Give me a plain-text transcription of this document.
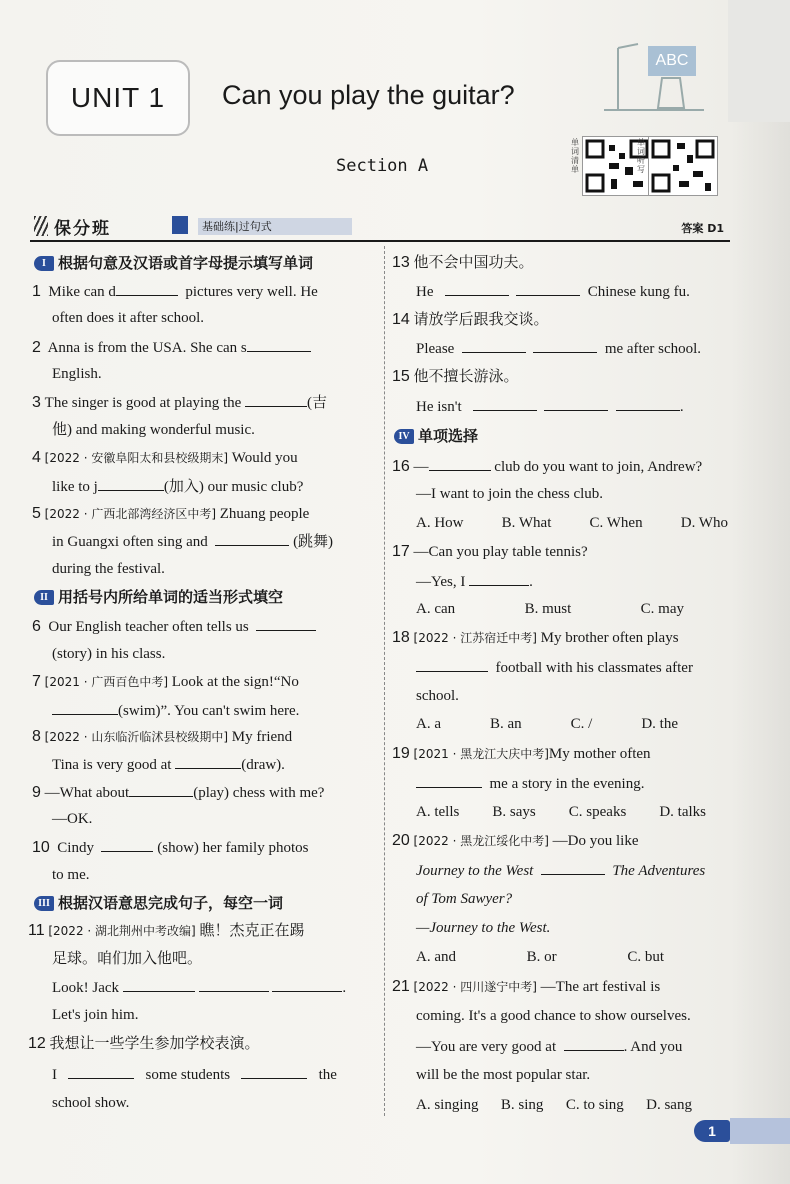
UNIT 1	Can you play the guitar?
Section A
ABC
单词清单
单词听写
保分班	基础练|过句式	答案 D1
I 根据句意及汉语或首字母提示填写单词
1 Mike can d	pictures very well. He
often does it after school.
2 Anna is from the USA. She can s
English.
3 The singer is good at playing the	(吉
他) and making wonderful music.
4 [2022 · 安徽阜阳太和县校级期末] Would you
like to j	(加入) our music club?
5 [2022 · 广西北部湾经济区中考] Zhuang people
in Guangxi often sing and	(跳舞)
during the festival.
II 用括号内所给单词的适当形式填空
6 Our English teacher often tells us
(story) in his class.
7 [2021 · 广西百色中考] Look at the sign!“No
(swim)”. You can't swim here.
8 [2022 · 山东临沂临沭县校级期中] My friend
Tina is very good at	(draw).
9 —What about	(play) chess with me?
—OK.
10 Cindy	(show) her family photos
to me.
III 根据汉语意思完成句子，每空一词
11 [2022 · 湖北荆州中考改编] 瞧！杰克正在踢
足球。咱们加入他吧。
Look! Jack	.
Let's join him.
12 我想让一些学生参加学校表演。
I	some students	the
school show.
13 他不会中国功夫。
He	Chinese kung fu.
14 请放学后跟我交谈。
Please	me after school.
15 他不擅长游泳。
He isn't	.
IV 单项选择
16 —	club do you want to join, Andrew?
—I want to join the chess club.
A. How	B. What	C. When	D. Who
17 —Can you play table tennis?
—Yes, I	.
A. can	B. must	C. may
18 [2022 · 江苏宿迁中考] My brother often plays
football with his classmates after
school.
A. a	B. an	C. /	D. the
19 [2021 · 黑龙江大庆中考]My mother often
me a story in the evening.
A. tells B. says C. speaks D. talks
20 [2022 · 黑龙江绥化中考] —Do you like
Journey to the West	The Adventures
of Tom Sawyer?
—Journey to the West.
A. and	B. or	C. but
21 [2022 · 四川遂宁中考] —The art festival is
coming. It's a good chance to show ourselves.
—You are very good at	. And you
will be the most popular star.
A. singing B. sing C. to sing D. sang
1
